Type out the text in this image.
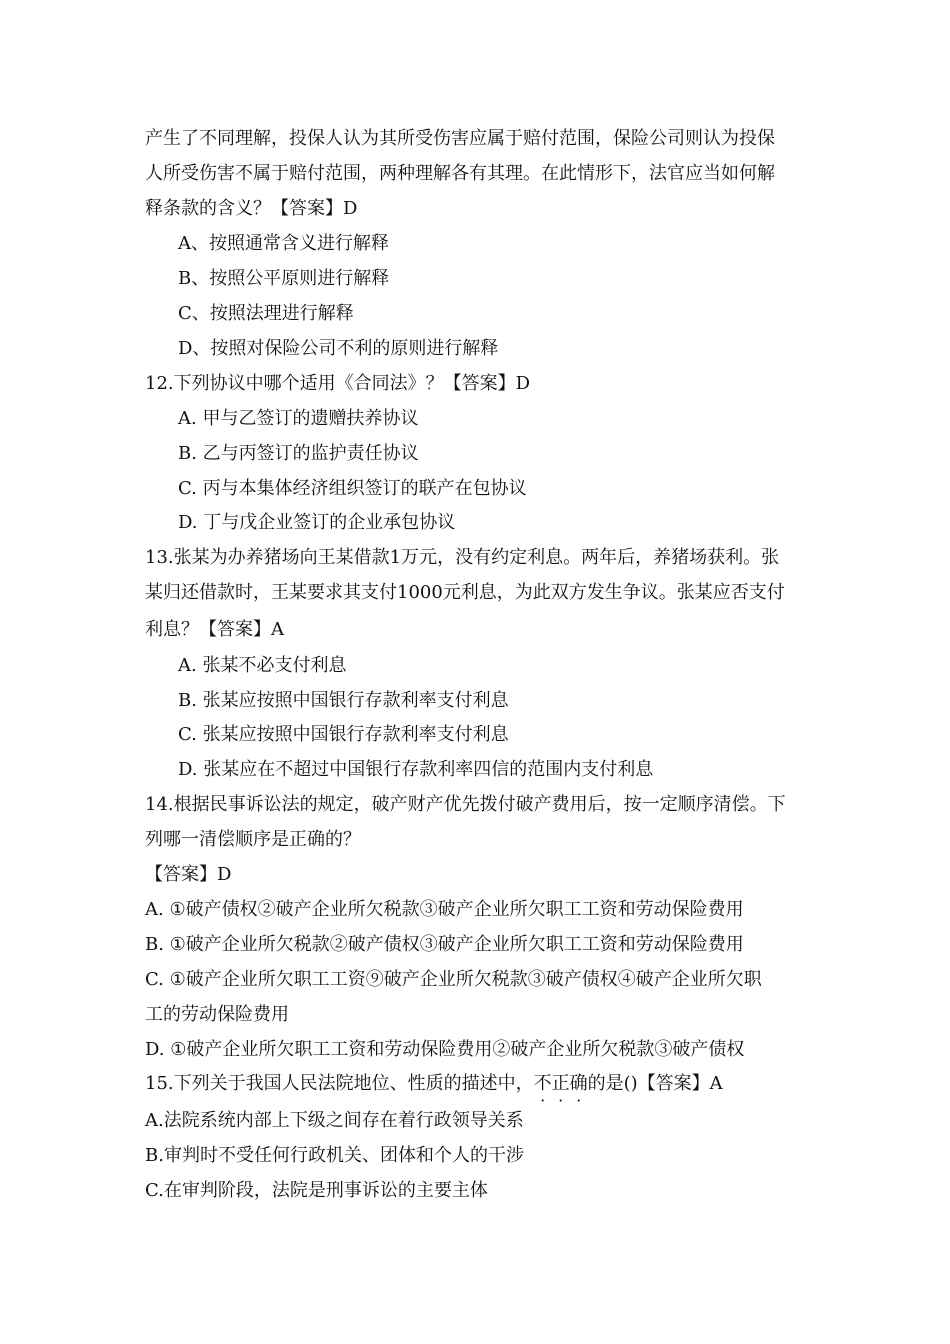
产生了不同理解，投保人认为其所受伤害应属于赔付范围，保险公司则认为投保
人所受伤害不属于赔付范围，两种理解各有其理。在此情形下，法官应当如何解
释条款的含义？【答案】D
A、按照通常含义进行解释
B、按照公平原则进行解释
C、按照法理进行解释
D、按照对保险公司不利的原则进行解释
12.下列协议中哪个适用《合同法》？【答案】D
A. 甲与乙签订的遗赠扶养协议
B. 乙与丙签订的监护责任协议
C. 丙与本集体经济组织签订的联产在包协议
D. 丁与戊企业签订的企业承包协议
13.张某为办养猪场向王某借款1万元，没有约定利息。两年后，养猪场获利。张
某归还借款时，王某要求其支付1000元利息，为此双方发生争议。张某应否支付
利息？【答案】A
A. 张某不必支付利息
B. 张某应按照中国银行存款利率支付利息
C. 张某应按照中国银行存款利率支付利息
D. 张某应在不超过中国银行存款利率四信的范围内支付利息
14.根据民事诉讼法的规定，破产财产优先拨付破产费用后，按一定顺序清偿。下
列哪一清偿顺序是正确的？
【答案】D
A. ①破产债权②破产企业所欠税款③破产企业所欠职工工资和劳动保险费用
B. ①破产企业所欠税款②破产债权③破产企业所欠职工工资和劳动保险费用
C. ①破产企业所欠职工工资⑨破产企业所欠税款③破产债权④破产企业所欠职
工的劳动保险费用
D. ①破产企业所欠职工工资和劳动保险费用②破产企业所欠税款③破产债权
15.下列关于我国人民法院地位、性质的描述中，不正确的是()【答案】A
A.法院系统内部上下级之间存在着行政领导关系
B.审判时不受任何行政机关、团体和个人的干涉
C.在审判阶段，法院是刑事诉讼的主要主体
